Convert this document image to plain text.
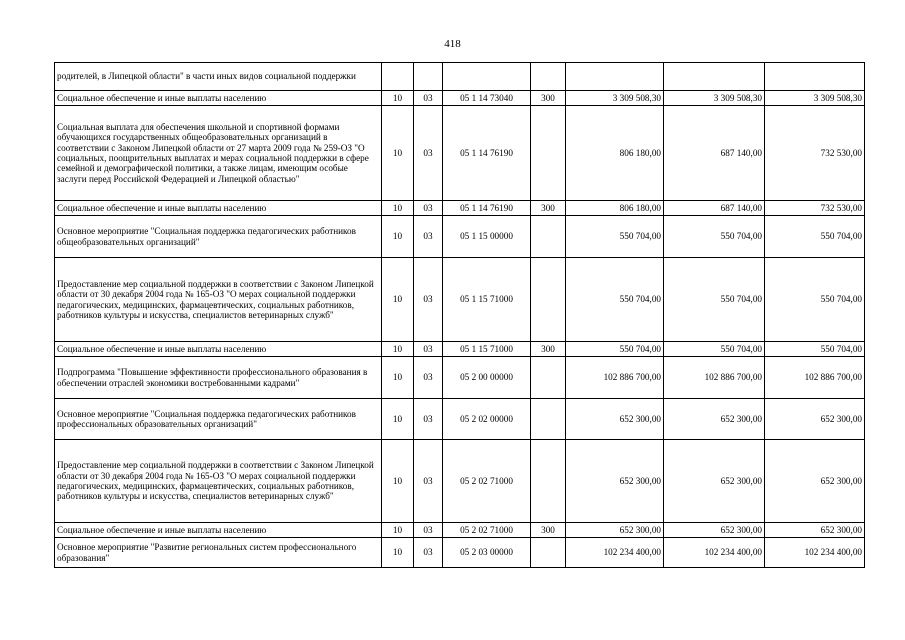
418
родителей, в Липецкой области" в части иных видов социальной поддержки							
Социальное обеспечение и иные выплаты населению	10	03	05 1 14 73040	300	3 309 508,30	3 309 508,30	3 309 508,30
Социальная выплата для обеспечения школьной и спортивной формами обучающихся государственных общеобразовательных организаций в соответствии с Законом Липецкой области от 27 марта 2009 года № 259-ОЗ "О социальных, поощрительных выплатах и мерах социальной поддержки в сфере семейной и демографической политики, а также лицам, имеющим особые заслуги перед Российской Федерацией и Липецкой областью"	10	03	05 1 14 76190		806 180,00	687 140,00	732 530,00
Социальное обеспечение и иные выплаты населению	10	03	05 1 14 76190	300	806 180,00	687 140,00	732 530,00
Основное мероприятие "Социальная поддержка педагогических работников общеобразовательных организаций"	10	03	05 1 15 00000		550 704,00	550 704,00	550 704,00
Предоставление мер социальной поддержки в соответствии с Законом Липецкой области от 30 декабря 2004 года № 165-ОЗ "О мерах социальной поддержки педагогических, медицинских, фармацевтических, социальных работников, работников культуры и искусства, специалистов ветеринарных служб"	10	03	05 1 15 71000		550 704,00	550 704,00	550 704,00
Социальное обеспечение и иные выплаты населению	10	03	05 1 15 71000	300	550 704,00	550 704,00	550 704,00
Подпрограмма "Повышение эффективности профессионального образования в обеспечении отраслей экономики востребованными кадрами"	10	03	05 2 00 00000		102 886 700,00	102 886 700,00	102 886 700,00
Основное мероприятие "Социальная поддержка педагогических работников профессиональных образовательных организаций"	10	03	05 2 02 00000		652 300,00	652 300,00	652 300,00
Предоставление мер социальной поддержки в соответствии с Законом Липецкой области от 30 декабря 2004 года № 165-ОЗ "О мерах социальной поддержки педагогических, медицинских, фармацевтических, социальных работников, работников культуры и искусства, специалистов ветеринарных служб"	10	03	05 2 02 71000		652 300,00	652 300,00	652 300,00
Социальное обеспечение и иные выплаты населению	10	03	05 2 02 71000	300	652 300,00	652 300,00	652 300,00
Основное мероприятие "Развитие региональных систем профессионального образования"	10	03	05 2 03 00000		102 234 400,00	102 234 400,00	102 234 400,00
